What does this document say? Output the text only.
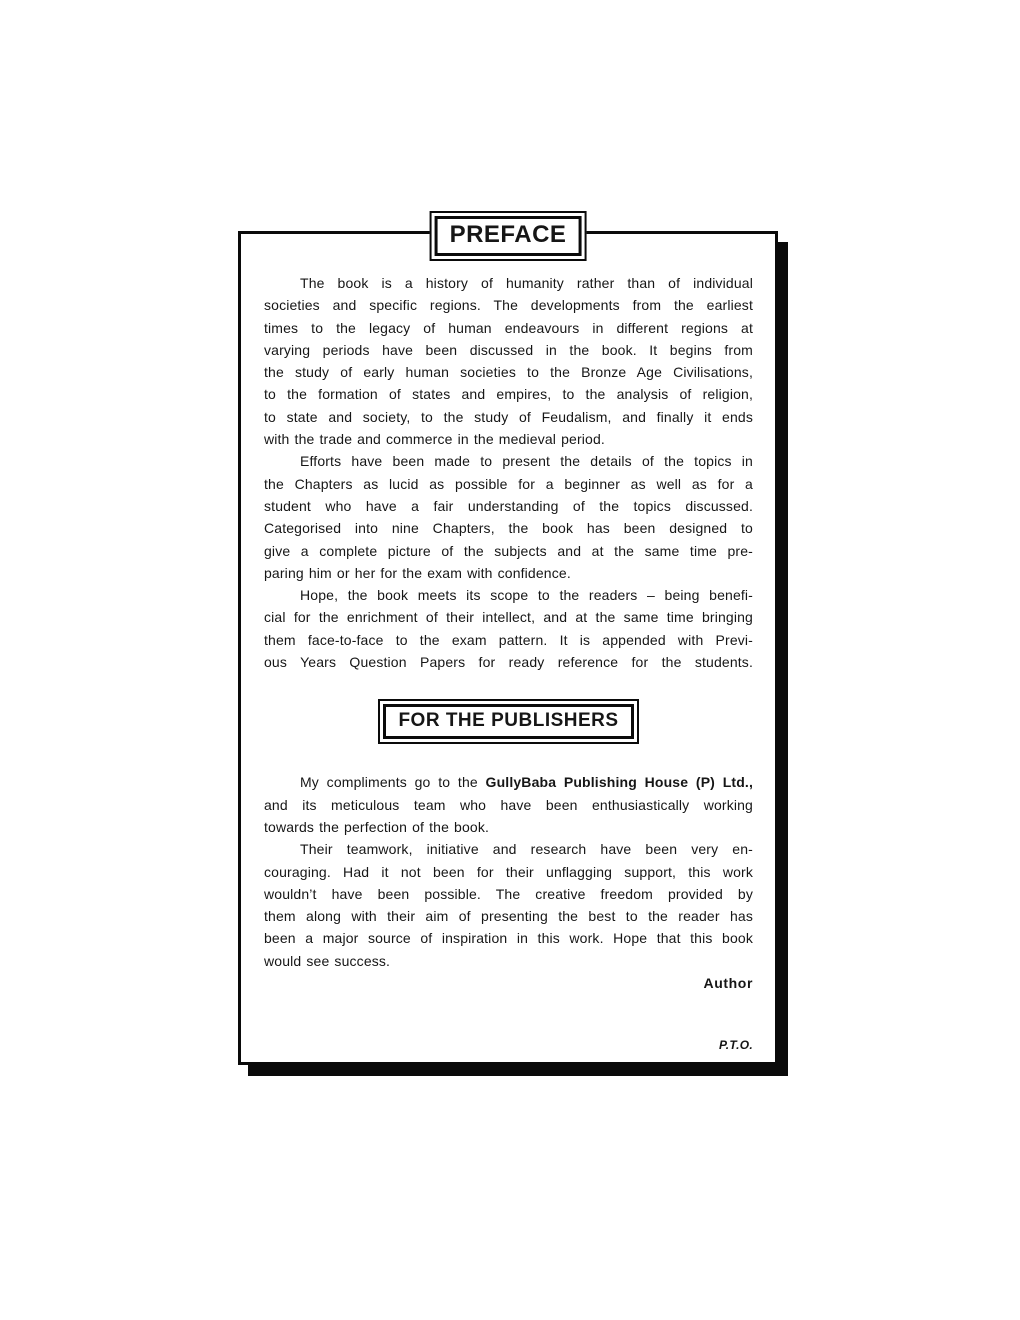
PREFACE
The book is a history of humanity rather than of individual
societies and specific regions. The developments from the earliest
times to the legacy of human endeavours in different regions at
varying periods have been discussed in the book. It begins from
the study of early human societies to the Bronze Age Civilisations,
to the formation of states and empires, to the analysis of religion,
to state and society, to the study of Feudalism, and finally it ends
with the trade and commerce in the medieval period.
Efforts have been made to present the details of the topics in
the Chapters as lucid as possible for a beginner as well as for a
student who have a fair understanding of the topics discussed.
Categorised into nine Chapters, the book has been designed to
give a complete picture of the subjects and at the same time pre-
paring him or her for the exam with confidence.
Hope, the book meets its scope to the readers – being benefi-
cial for the enrichment of their intellect, and at the same time bringing
them face-to-face to the exam pattern. It is appended with Previ-
ous Years Question Papers for ready reference for the students.
FOR THE PUBLISHERS
My compliments go to the GullyBaba Publishing House (P) Ltd.,
and its meticulous team who have been enthusiastically working
towards the perfection of the book.
Their teamwork, initiative and research have been very en-
couraging. Had it not been for their unflagging support, this work
wouldn’t have been possible. The creative freedom provided by
them along with their aim of presenting the best to the reader has
been a major source of inspiration in this work. Hope that this book
would see success.
Author
P.T.O.
